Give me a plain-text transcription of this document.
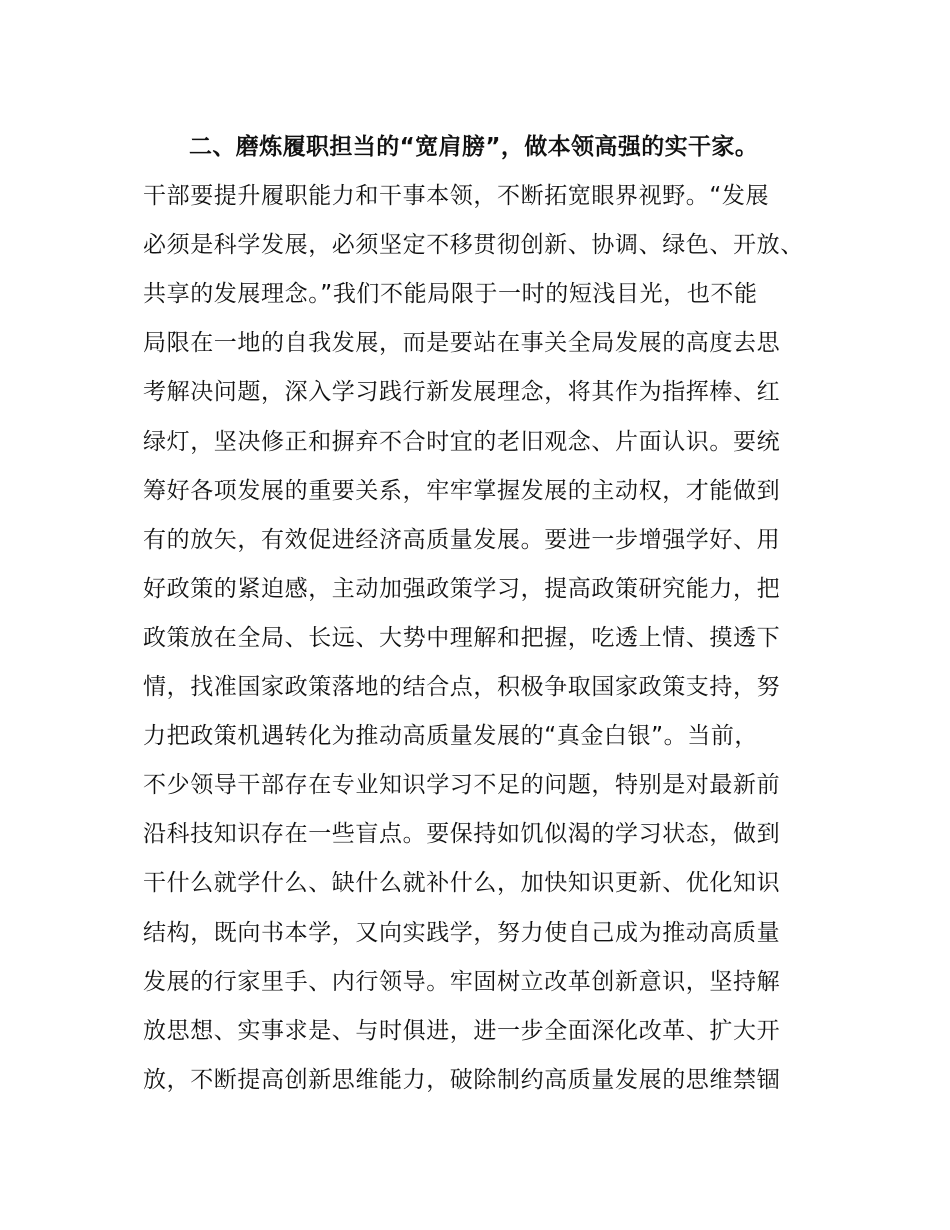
二、磨炼履职担当的“宽肩膀”，做本领高强的实干家。
干部要提升履职能力和干事本领，不断拓宽眼界视野。“发展
必须是科学发展，必须坚定不移贯彻创新、协调、绿色、开放、
共享的发展理念。”我们不能局限于一时的短浅目光，也不能
局限在一地的自我发展，而是要站在事关全局发展的高度去思
考解决问题，深入学习践行新发展理念，将其作为指挥棒、红
绿灯，坚决修正和摒弃不合时宜的老旧观念、片面认识。要统
筹好各项发展的重要关系，牢牢掌握发展的主动权，才能做到
有的放矢，有效促进经济高质量发展。要进一步增强学好、用
好政策的紧迫感，主动加强政策学习，提高政策研究能力，把
政策放在全局、长远、大势中理解和把握，吃透上情、摸透下
情，找准国家政策落地的结合点，积极争取国家政策支持，努
力把政策机遇转化为推动高质量发展的“真金白银”。当前，
不少领导干部存在专业知识学习不足的问题，特别是对最新前
沿科技知识存在一些盲点。要保持如饥似渴的学习状态，做到
干什么就学什么、缺什么就补什么，加快知识更新、优化知识
结构，既向书本学，又向实践学，努力使自己成为推动高质量
发展的行家里手、内行领导。牢固树立改革创新意识，坚持解
放思想、实事求是、与时俱进，进一步全面深化改革、扩大开
放，不断提高创新思维能力，破除制约高质量发展的思维禁锢
